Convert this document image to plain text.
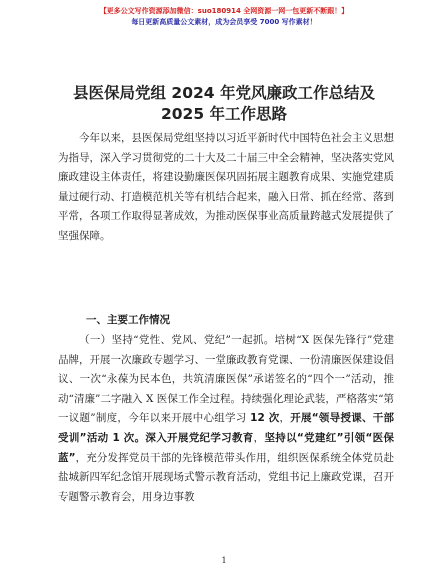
【更多公文写作资源添加微信：suo180914 全网资源一网一包更新不断跟！】
每日更新高质量公文素材，成为会员享受 7000 写作素材！
县医保局党组 2024 年党风廉政工作总结及
2025 年工作思路

今年以来，县医保局党组坚持以习近平新时代中国特色社会主义思想为指导，深入学习贯彻党的二十大及二十届三中全会精神，坚决落实党风廉政建设主体责任，将建设勤廉医保巩固拓展主题教育成果、实施党建质量过硬行动、打造模范机关等有机结合起来，融入日常、抓在经常、落到平常，各项工作取得显著成效，为推动医保事业高质量跨越式发展提供了坚强保障。

一、主要工作情况

（一）坚持“党性、党风、党纪”一起抓。培树“X 医保先锋行”党建品牌，开展一次廉政专题学习、一堂廉政教育党课、一份清廉医保建设倡议、一次“永葆为民本色，共筑清廉医保”承诺签名的“四个一”活动，推动“清廉”二字融入 X 医保工作全过程。持续强化理论武装，严格落实“第一议题”制度，今年以来开展中心组学习 12 次，开展“领导授课、干部受训”活动 1 次。深入开展党纪学习教育，坚持以“党建红”引领“医保蓝”，充分发挥党员干部的先锋模范带头作用，组织医保系统全体党员赴盐城新四军纪念馆开展现场式警示教育活动，党组书记上廉政党课，召开专题警示教育会，用身边事教

1
